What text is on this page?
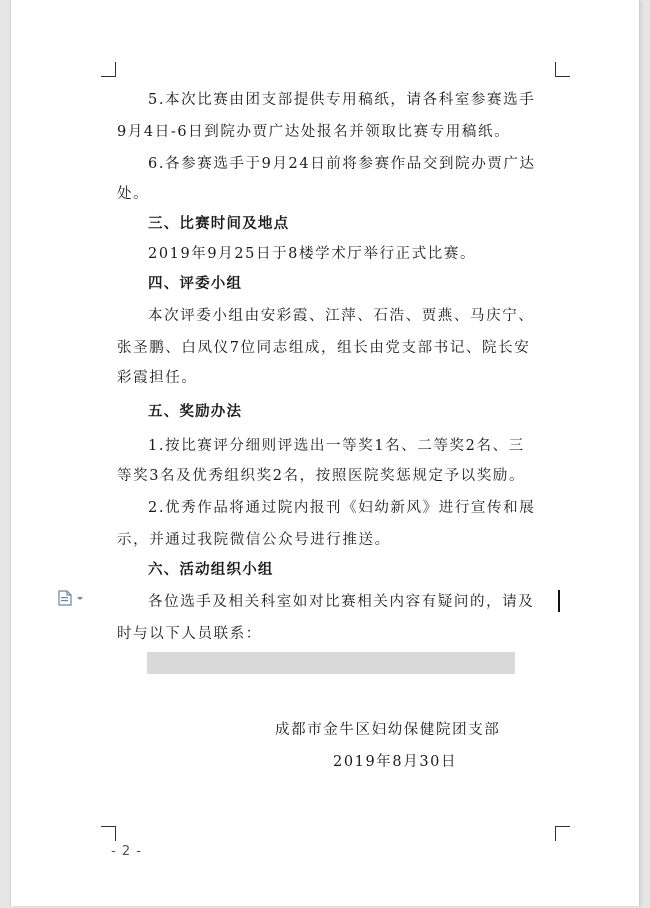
5.本次比赛由团支部提供专用稿纸，请各科室参赛选手
9月4日-6日到院办贾广达处报名并领取比赛专用稿纸。
6.各参赛选手于9月24日前将参赛作品交到院办贾广达
处。
三、比赛时间及地点
2019年9月25日于8楼学术厅举行正式比赛。
四、评委小组
本次评委小组由安彩霞、江萍、石浩、贾燕、马庆宁、
张圣鹏、白凤仪7位同志组成，组长由党支部书记、院长安
彩霞担任。
五、奖励办法
1.按比赛评分细则评选出一等奖1名、二等奖2名、三
等奖3名及优秀组织奖2名，按照医院奖惩规定予以奖励。
2.优秀作品将通过院内报刊《妇幼新风》进行宣传和展
示，并通过我院微信公众号进行推送。
六、活动组织小组
各位选手及相关科室如对比赛相关内容有疑问的，请及
时与以下人员联系：
成都市金牛区妇幼保健院团支部
2019年8月30日
- 2 -
